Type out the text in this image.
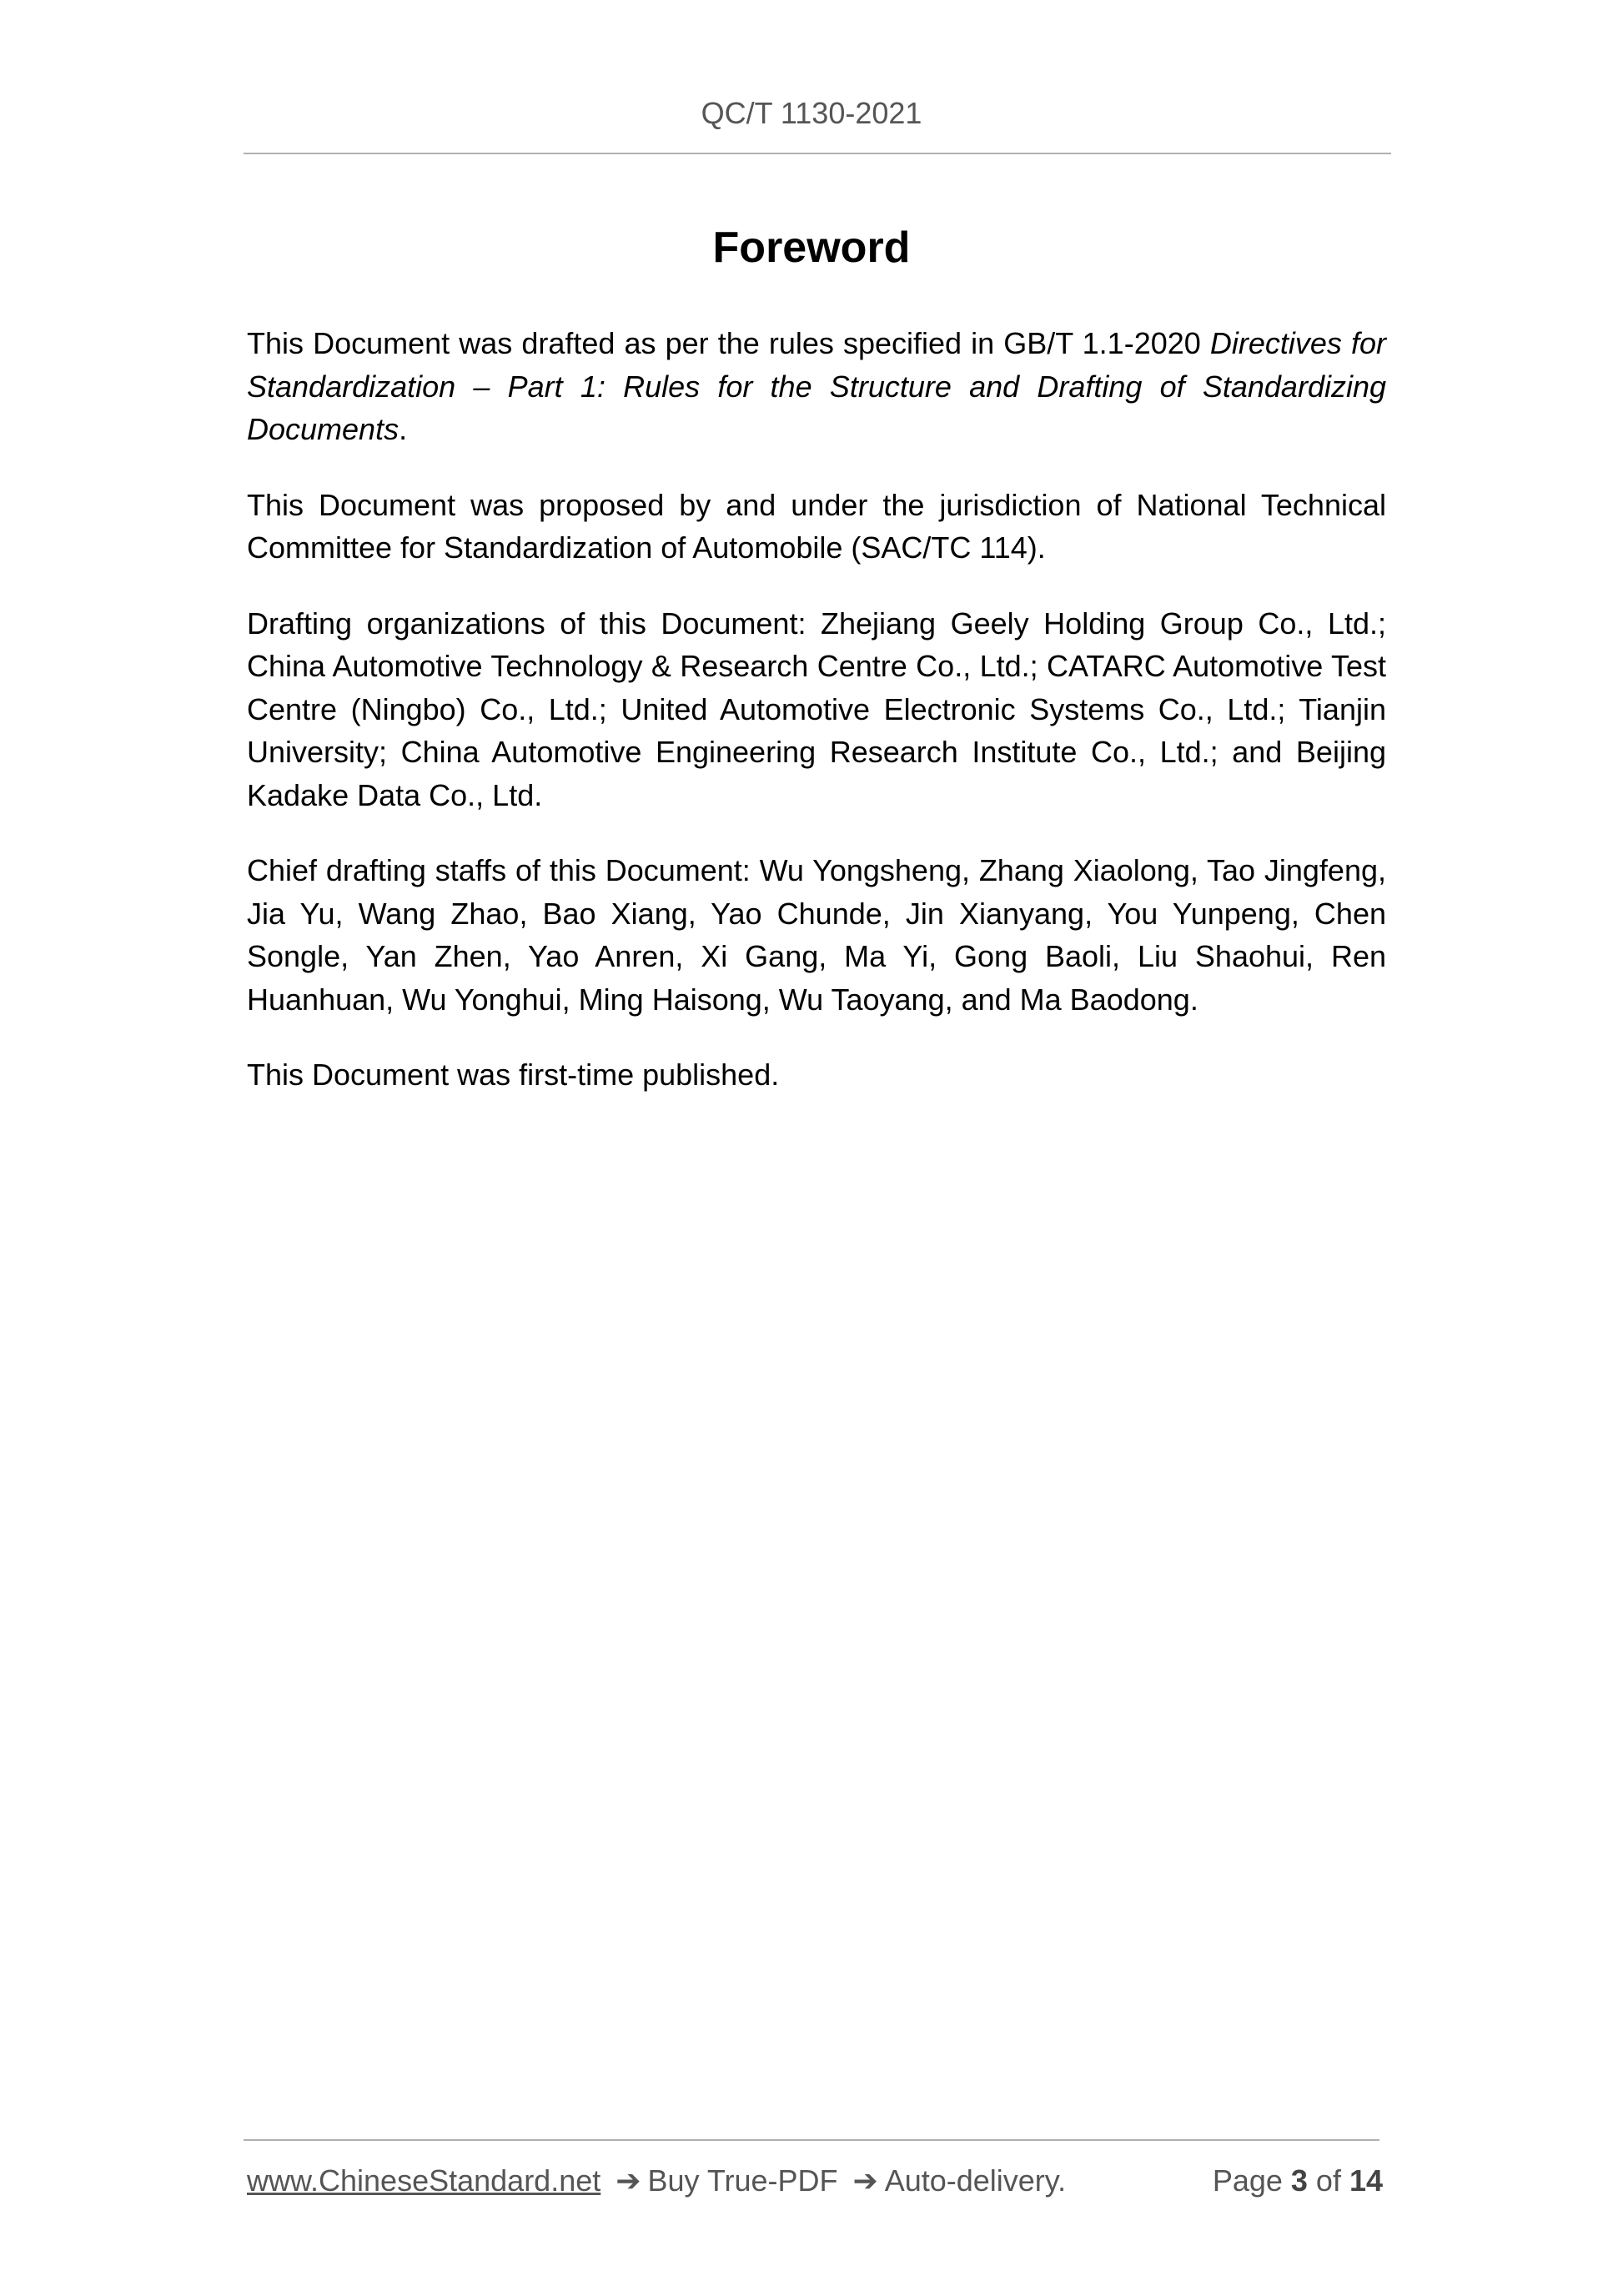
QC/T 1130-2021
Foreword

This Document was drafted as per the rules specified in GB/T 1.1-2020 Directives for Standardization – Part 1: Rules for the Structure and Drafting of Standardizing Documents.

This Document was proposed by and under the jurisdiction of National Technical Committee for Standardization of Automobile (SAC/TC 114).

Drafting organizations of this Document: Zhejiang Geely Holding Group Co., Ltd.; China Automotive Technology & Research Centre Co., Ltd.; CATARC Automotive Test Centre (Ningbo) Co., Ltd.; United Automotive Electronic Systems Co., Ltd.; Tianjin University; China Automotive Engineering Research Institute Co., Ltd.; and Beijing Kadake Data Co., Ltd.

Chief drafting staffs of this Document: Wu Yongsheng, Zhang Xiaolong, Tao Jingfeng, Jia Yu, Wang Zhao, Bao Xiang, Yao Chunde, Jin Xianyang, You Yunpeng, Chen Songle, Yan Zhen, Yao Anren, Xi Gang, Ma Yi, Gong Baoli, Liu Shaohui, Ren Huanhuan, Wu Yonghui, Ming Haisong, Wu Taoyang, and Ma Baodong.

This Document was first-time published.

www.ChineseStandard.net ➔ Buy True-PDF ➔ Auto-delivery.	Page 3 of 14
